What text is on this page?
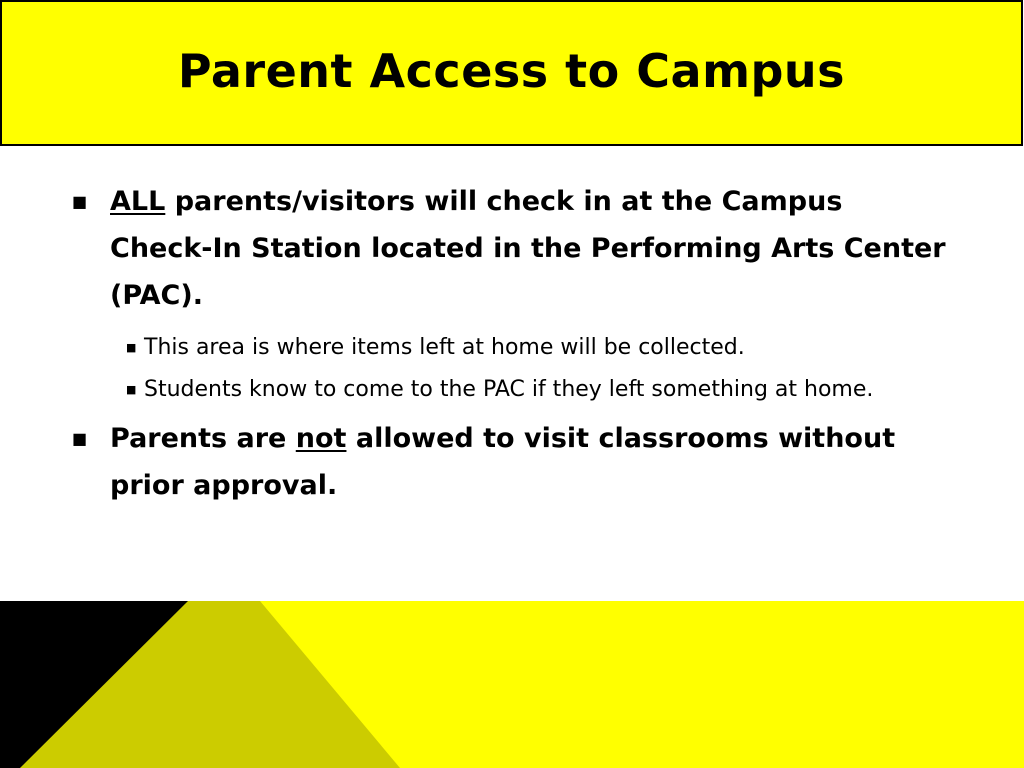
Parent Access to Campus
■ ALL parents/visitors will check in at the Campus Check-In Station located in the Performing Arts Center (PAC).
■ This area is where items left at home will be collected.
■ Students know to come to the PAC if they left something at home.
■ Parents are not allowed to visit classrooms without prior approval.
